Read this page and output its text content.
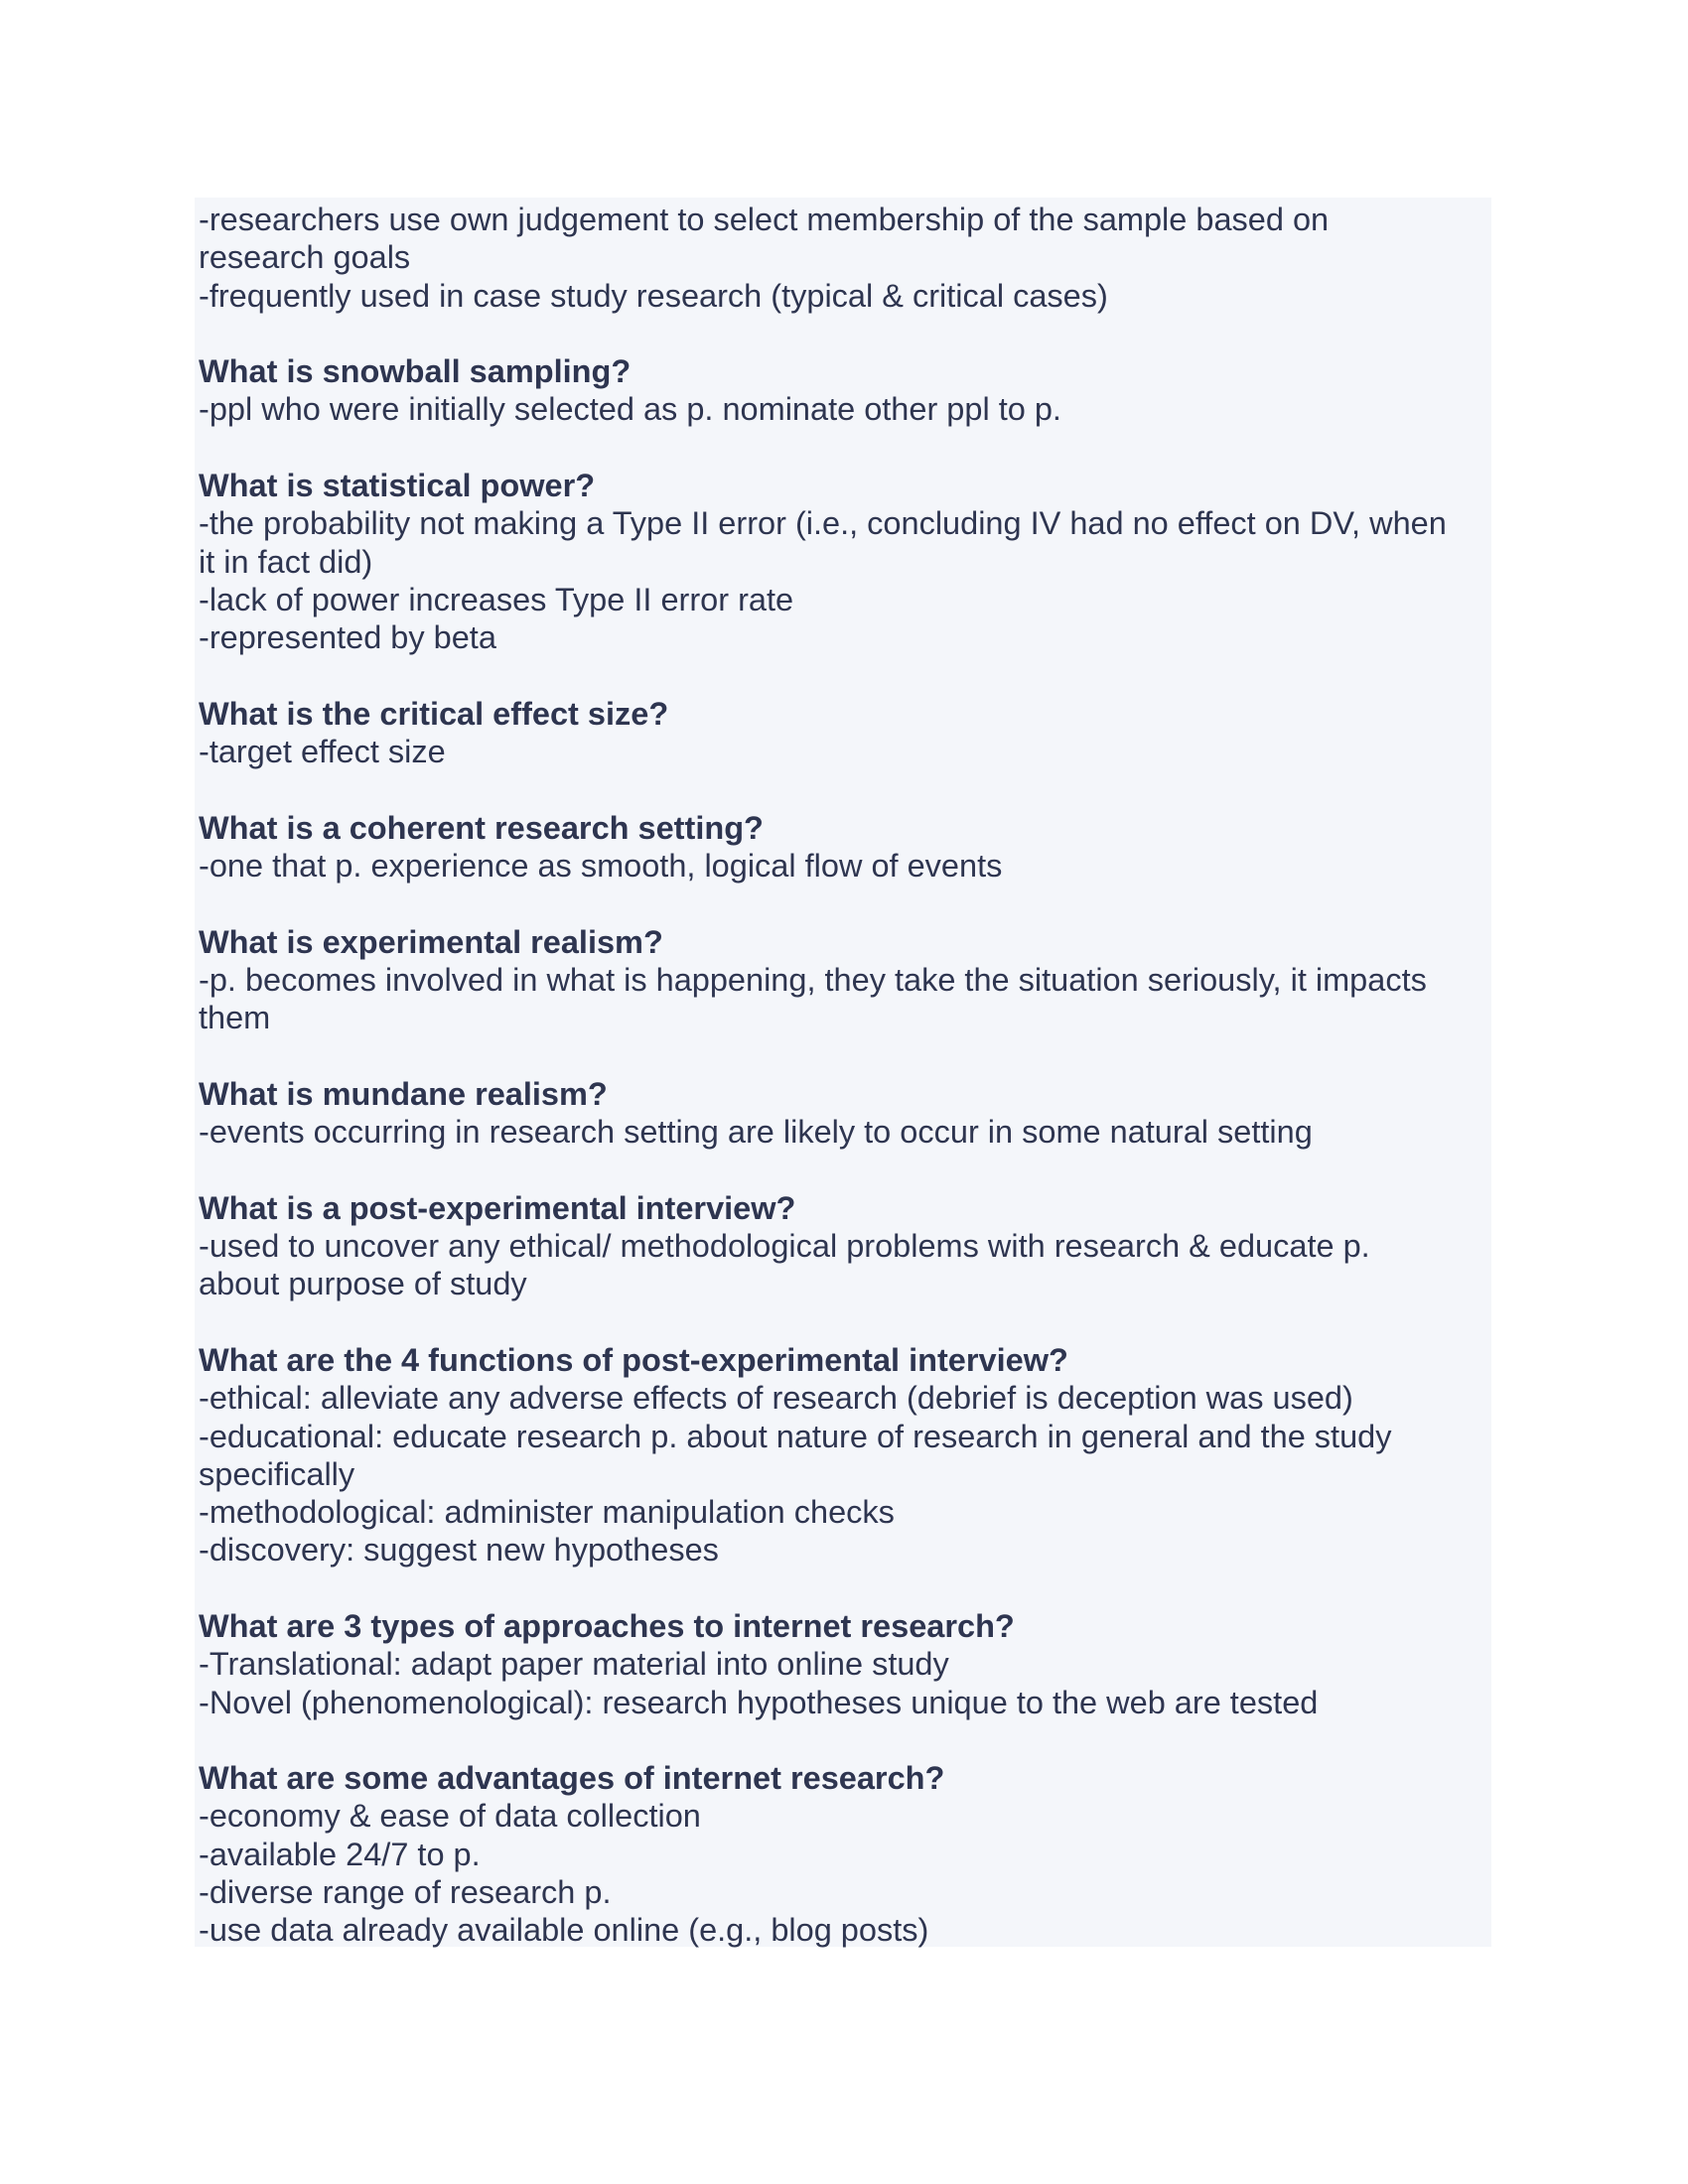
-researchers use own judgement to select membership of the sample based on
research goals
-frequently used in case study research (typical & critical cases)
What is snowball sampling?
-ppl who were initially selected as p. nominate other ppl to p.
What is statistical power?
-the probability not making a Type II error (i.e., concluding IV had no effect on DV, when
it in fact did)
-lack of power increases Type II error rate
-represented by beta
What is the critical effect size?
-target effect size
What is a coherent research setting?
-one that p. experience as smooth, logical flow of events
What is experimental realism?
-p. becomes involved in what is happening, they take the situation seriously, it impacts
them
What is mundane realism?
-events occurring in research setting are likely to occur in some natural setting
What is a post-experimental interview?
-used to uncover any ethical/ methodological problems with research & educate p.
about purpose of study
What are the 4 functions of post-experimental interview?
-ethical: alleviate any adverse effects of research (debrief is deception was used)
-educational: educate research p. about nature of research in general and the study
specifically
-methodological: administer manipulation checks
-discovery: suggest new hypotheses
What are 3 types of approaches to internet research?
-Translational: adapt paper material into online study
-Novel (phenomenological): research hypotheses unique to the web are tested
What are some advantages of internet research?
-economy & ease of data collection
-available 24/7 to p.
-diverse range of research p.
-use data already available online (e.g., blog posts)
